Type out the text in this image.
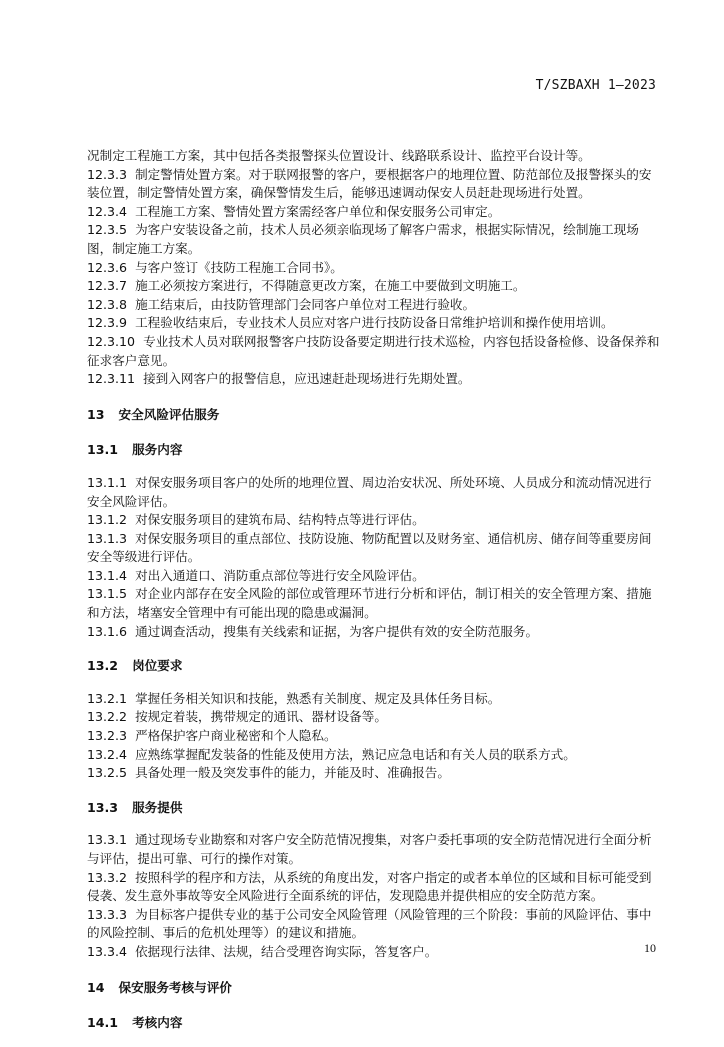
T/SZBAXH 1—2023

况制定工程施工方案，其中包括各类报警探头位置设计、线路联系设计、监控平台设计等。

12.3.3 制定警情处置方案。对于联网报警的客户，要根据客户的地理位置、防范部位及报警探头的安装位置，制定警情处置方案，确保警情发生后，能够迅速调动保安人员赶赴现场进行处置。

12.3.4 工程施工方案、警情处置方案需经客户单位和保安服务公司审定。

12.3.5 为客户安装设备之前，技术人员必须亲临现场了解客户需求，根据实际情况，绘制施工现场图，制定施工方案。

12.3.6 与客户签订《技防工程施工合同书》。

12.3.7 施工必须按方案进行，不得随意更改方案，在施工中要做到文明施工。

12.3.8 施工结束后，由技防管理部门会同客户单位对工程进行验收。

12.3.9 工程验收结束后，专业技术人员应对客户进行技防设备日常维护培训和操作使用培训。

12.3.10 专业技术人员对联网报警客户技防设备要定期进行技术巡检，内容包括设备检修、设备保养和征求客户意见。

12.3.11 接到入网客户的报警信息，应迅速赶赴现场进行先期处置。

13 安全风险评估服务

13.1 服务内容

13.1.1 对保安服务项目客户的处所的地理位置、周边治安状况、所处环境、人员成分和流动情况进行安全风险评估。

13.1.2 对保安服务项目的建筑布局、结构特点等进行评估。

13.1.3 对保安服务项目的重点部位、技防设施、物防配置以及财务室、通信机房、储存间等重要房间安全等级进行评估。

13.1.4 对出入通道口、消防重点部位等进行安全风险评估。

13.1.5 对企业内部存在安全风险的部位或管理环节进行分析和评估，制订相关的安全管理方案、措施和方法，堵塞安全管理中有可能出现的隐患或漏洞。

13.1.6 通过调查活动，搜集有关线索和证据，为客户提供有效的安全防范服务。

13.2 岗位要求

13.2.1 掌握任务相关知识和技能，熟悉有关制度、规定及具体任务目标。

13.2.2 按规定着装，携带规定的通讯、器材设备等。

13.2.3 严格保护客户商业秘密和个人隐私。

13.2.4 应熟练掌握配发装备的性能及使用方法，熟记应急电话和有关人员的联系方式。

13.2.5 具备处理一般及突发事件的能力，并能及时、准确报告。

13.3 服务提供

13.3.1 通过现场专业勘察和对客户安全防范情况搜集，对客户委托事项的安全防范情况进行全面分析与评估，提出可靠、可行的操作对策。

13.3.2 按照科学的程序和方法，从系统的角度出发，对客户指定的或者本单位的区域和目标可能受到侵袭、发生意外事故等安全风险进行全面系统的评估，发现隐患并提供相应的安全防范方案。

13.3.3 为目标客户提供专业的基于公司安全风险管理（风险管理的三个阶段：事前的风险评估、事中的风险控制、事后的危机处理等）的建议和措施。

13.3.4 依据现行法律、法规，结合受理咨询实际，答复客户。

14 保安服务考核与评价

14.1 考核内容

10
